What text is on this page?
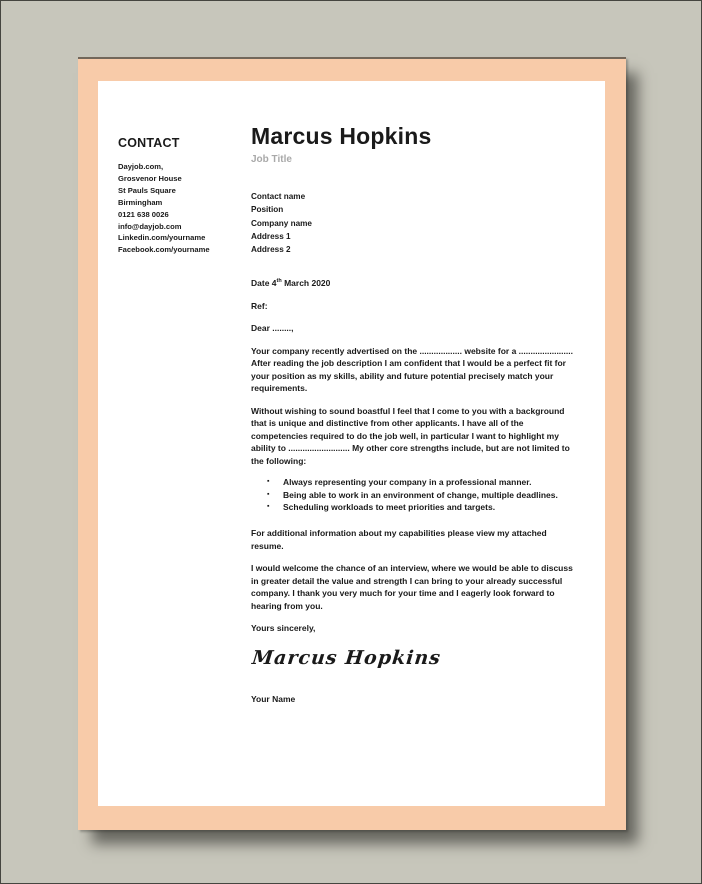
CONTACT
Dayjob.com,
Grosvenor House
St Pauls Square
Birmingham
0121 638 0026
info@dayjob.com
Linkedin.com/yourname
Facebook.com/yourname
Marcus Hopkins
Job Title
Contact name
Position
Company name
Address 1
Address 2

Date 4th March 2020

Ref:

Dear ........,

Your company recently advertised on the .................. website for a ....................... After reading the job description I am confident that I would be a perfect fit for your position as my skills, ability and future potential precisely match your requirements.

Without wishing to sound boastful I feel that I come to you with a background that is unique and distinctive from other applicants. I have all of the competencies required to do the job well, in particular I want to highlight my ability to .......................... My other core strengths include, but are not limited to the following:

▪	Always representing your company in a professional manner.
▪	Being able to work in an environment of change, multiple deadlines.
▪	Scheduling workloads to meet priorities and targets.

For additional information about my capabilities please view my attached resume.

I would welcome the chance of an interview, where we would be able to discuss in greater detail the value and strength I can bring to your already successful company. I thank you very much for your time and I eagerly look forward to hearing from you.

Yours sincerely,

Marcus Hopkins

Your Name
